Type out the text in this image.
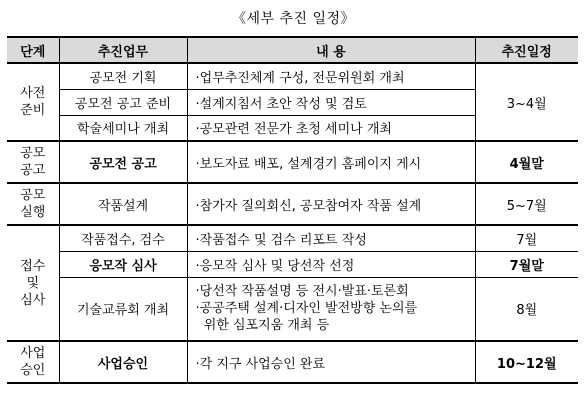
《세부 추진 일정》
단계	추진업무	내 용	추진일정

사전
준비	공모전 기획	·업무추진체계 구성, 전문위원회 개최	3~4월
	공모전 공고 준비	·설계지침서 초안 작성 및 검토	
	학술세미나 개최	·공모관련 전문가 초청 세미나 개최	

공모
공고	공모전 공고	·보도자료 배포, 설계경기 홈페이지 게시	4월말

공모
실행	작품설계	·참가자 질의회신, 공모참여자 작품 설계	5~7월

접수
및
심사	작품접수, 검수	·작품접수 및 검수 리포트 작성	7월
	응모작 심사	·응모작 심사 및 당선작 선정	7월말
	기술교류회 개최	·당선작 작품설명 등 전시·발표·토론회
·공공주택 설계·디자인 발전방향 논의를
위한 심포지움 개최 등	8월

사업
승인	사업승인	·각 지구 사업승인 완료	10~12월
